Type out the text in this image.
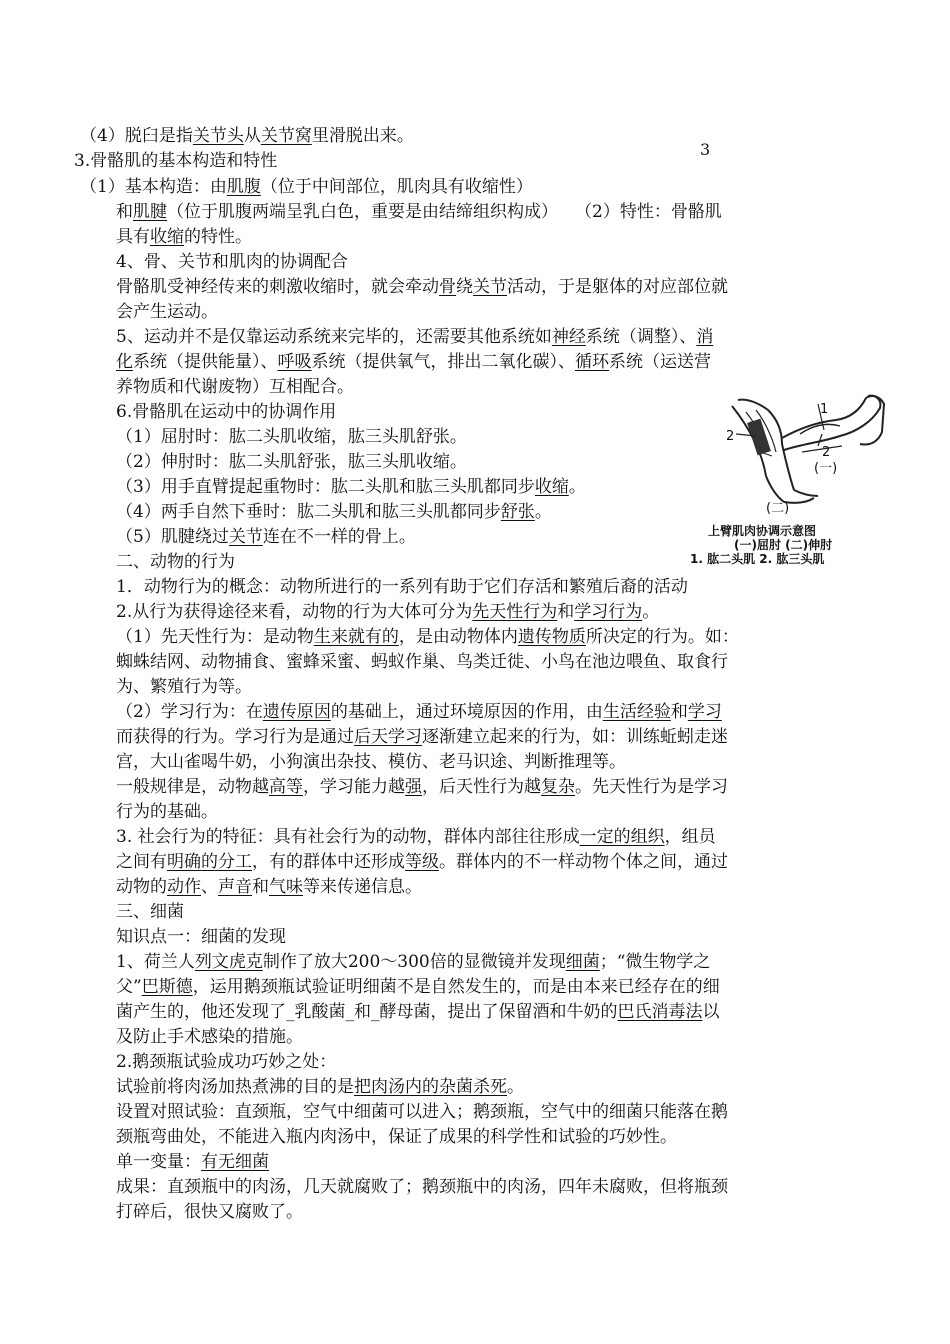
3
（4）脱臼是指关节头从关节窝里滑脱出来。
3.骨骼肌的基本构造和特性
（1）基本构造：由肌腹（位于中间部位，肌肉具有收缩性）
和肌腱（位于肌腹两端呈乳白色，重要是由结缔组织构成）　　（2）特性：骨骼肌
具有收缩的特性。
4、骨、关节和肌肉的协调配合
骨骼肌受神经传来的刺激收缩时，就会牵动骨绕关节活动，于是躯体的对应部位就
会产生运动。
5、运动并不是仅靠运动系统来完毕的，还需要其他系统如神经系统（调整）、消
化系统（提供能量）、呼吸系统（提供氧气，排出二氧化碳）、循环系统（运送营
养物质和代谢废物）互相配合。
6.骨骼肌在运动中的协调作用
（1）屈肘时：肱二头肌收缩，肱三头肌舒张。
（2）伸肘时：肱二头肌舒张，肱三头肌收缩。
（3）用手直臂提起重物时：肱二头肌和肱三头肌都同步收缩。
（4）两手自然下垂时：肱二头肌和肱三头肌都同步舒张。
（5）肌腱绕过关节连在不一样的骨上。
二、动物的行为
1．动物行为的概念：动物所进行的一系列有助于它们存活和繁殖后裔的活动
2.从行为获得途径来看，动物的行为大体可分为先天性行为和学习行为。
（1）先天性行为：是动物生来就有的，是由动物体内遗传物质所决定的行为。如：
蜘蛛结网、动物捕食、蜜蜂采蜜、蚂蚁作巢、鸟类迁徙、小鸟在池边喂鱼、取食行
为、繁殖行为等。
（2）学习行为：在遗传原因的基础上，通过环境原因的作用，由生活经验和学习
而获得的行为。学习行为是通过后天学习逐渐建立起来的行为，如：训练蚯蚓走迷
宫，大山雀喝牛奶，小狗演出杂技、模仿、老马识途、判断推理等。
一般规律是，动物越高等，学习能力越强，后天性行为越复杂。先天性行为是学习
行为的基础。
3. 社会行为的特征：具有社会行为的动物，群体内部往往形成一定的组织，组员
之间有明确的分工，有的群体中还形成等级。群体内的不一样动物个体之间，通过
动物的动作、声音和气味等来传递信息。
三、细菌
知识点一：细菌的发现
1、荷兰人列文虎克制作了放大200～300倍的显微镜并发现细菌；“微生物学之
父”巴斯德，运用鹅颈瓶试验证明细菌不是自然发生的，而是由本来已经存在的细
菌产生的，他还发现了_乳酸菌_和_酵母菌，提出了保留酒和牛奶的巴氏消毒法以
及防止手术感染的措施。
2.鹅颈瓶试验成功巧妙之处：
试验前将肉汤加热煮沸的目的是把肉汤内的杂菌杀死。
设置对照试验：直颈瓶，空气中细菌可以进入；鹅颈瓶，空气中的细菌只能落在鹅
颈瓶弯曲处，不能进入瓶内肉汤中，保证了成果的科学性和试验的巧妙性。
单一变量：有无细菌
成果：直颈瓶中的肉汤，几天就腐败了；鹅颈瓶中的肉汤，四年未腐败，但将瓶颈
打碎后，很快又腐败了。
1
2
2
(一)
(二)
上臂肌肉协调示意图
(一)屈肘 (二)伸肘
1. 肱二头肌 2. 肱三头肌
